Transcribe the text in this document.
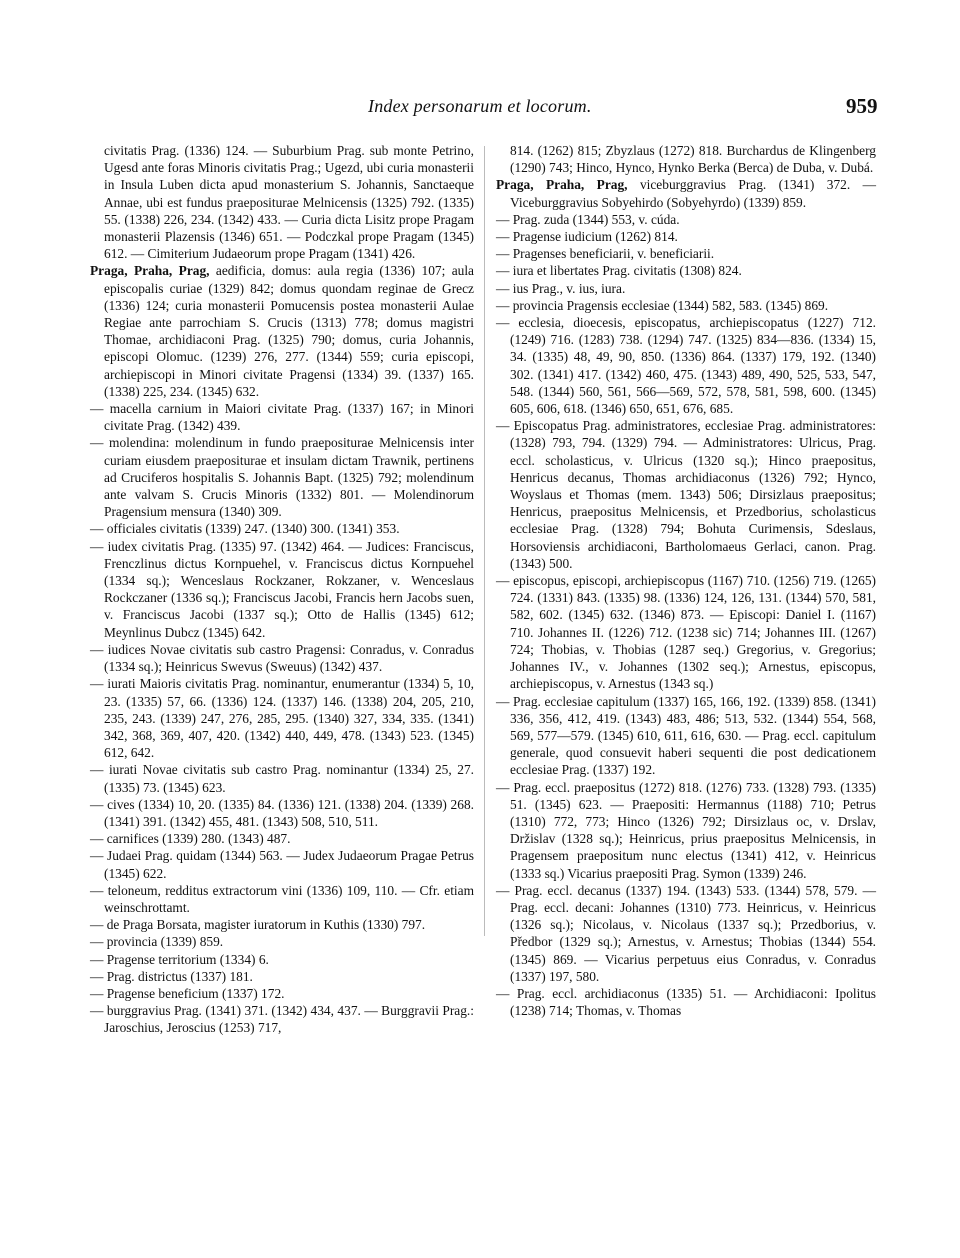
Index personarum et locorum.	959

civitatis Prag. (1336) 124. — Suburbium Prag. sub monte Petrino, Ugesd ante foras Minoris civitatis Prag.; Ugezd, ubi curia monasterii in Insula Luben dicta apud monasterium S. Johannis, Sanctaeque Annae, ubi est fundus praepositurae Melnicensis (1325) 792. (1335) 55. (1338) 226, 234. (1342) 433. — Curia dicta Lisitz prope Pragam monasterii Plazensis (1346) 651. — Podczkal prope Pragam (1345) 612. — Cimiterium Judaeorum prope Pragam (1341) 426.

Praga, Praha, Prag, aedificia, domus: aula regia (1336) 107; aula episcopalis curiae (1329) 842; domus quondam reginae de Grecz (1336) 124; curia monasterii Pomucensis postea monasterii Aulae Regiae ante parrochiam S. Crucis (1313) 778; domus magistri Thomae, archidiaconi Prag. (1325) 790; domus, curia Johannis, episcopi Olomuc. (1239) 276, 277. (1344) 559; curia episcopi, archiepiscopi in Minori civitate Pragensi (1334) 39. (1337) 165. (1338) 225, 234. (1345) 632.

— macella carnium in Maiori civitate Prag. (1337) 167; in Minori civitate Prag. (1342) 439.

— molendina: molendinum in fundo praepositurae Melnicensis inter curiam eiusdem praepositurae et insulam dictam Trawnik, pertinens ad Cruciferos hospitalis S. Johannis Bapt. (1325) 792; molendinum ante valvam S. Crucis Minoris (1332) 801. — Molendinorum Pragensium mensura (1340) 309.

— officiales civitatis (1339) 247. (1340) 300. (1341) 353.

— iudex civitatis Prag. (1335) 97. (1342) 464. — Judices: Franciscus, Frenczlinus dictus Kornpuehel, v. Franciscus dictus Kornpuehel (1334 sq.); Wenceslaus Rockzaner, Rokzaner, v. Wenceslaus Rockczaner (1336 sq.); Franciscus Jacobi, Francis hern Jacobs suen, v. Franciscus Jacobi (1337 sq.); Otto de Hallis (1345) 612; Meynlinus Dubcz (1345) 642.

— iudices Novae civitatis sub castro Pragensi: Conradus, v. Conradus (1334 sq.); Heinricus Swevus (Sweuus) (1342) 437.

— iurati Maioris civitatis Prag. nominantur, enumerantur (1334) 5, 10, 23. (1335) 57, 66. (1336) 124. (1337) 146. (1338) 204, 205, 210, 235, 243. (1339) 247, 276, 285, 295. (1340) 327, 334, 335. (1341) 342, 368, 369, 407, 420. (1342) 440, 449, 478. (1343) 523. (1345) 612, 642.

— iurati Novae civitatis sub castro Prag. nominantur (1334) 25, 27. (1335) 73. (1345) 623.

— cives (1334) 10, 20. (1335) 84. (1336) 121. (1338) 204. (1339) 268. (1341) 391. (1342) 455, 481. (1343) 508, 510, 511.

— carnifices (1339) 280. (1343) 487.

— Judaei Prag. quidam (1344) 563. — Judex Judaeorum Pragae Petrus (1345) 622.

— teloneum, redditus extractorum vini (1336) 109, 110. — Cfr. etiam weinschrottamt.

— de Praga Borsata, magister iuratorum in Kuthis (1330) 797.

— provincia (1339) 859.

— Pragense territorium (1334) 6.

— Prag. districtus (1337) 181.

— Pragense beneficium (1337) 172.

— burggravius Prag. (1341) 371. (1342) 434, 437. — Burggravii Prag.: Jaroschius, Jeroscius (1253) 717,

814. (1262) 815; Zbyzlaus (1272) 818. Burchardus de Klingenberg (1290) 743; Hinco, Hynco, Hynko Berka (Berca) de Duba, v. Dubá.

Praga, Praha, Prag, viceburggravius Prag. (1341) 372. — Viceburggravius Sobyehirdo (Sobyehyrdo) (1339) 859.

— Prag. zuda (1344) 553, v. cúda.

— Pragense iudicium (1262) 814.

— Pragenses beneficiarii, v. beneficiarii.

— iura et libertates Prag. civitatis (1308) 824.

— ius Prag., v. ius, iura.

— provincia Pragensis ecclesiae (1344) 582, 583. (1345) 869.

— ecclesia, dioecesis, episcopatus, archiepiscopatus (1227) 712. (1249) 716. (1283) 738. (1294) 747. (1325) 834—836. (1334) 15, 34. (1335) 48, 49, 90, 850. (1336) 864. (1337) 179, 192. (1340) 302. (1341) 417. (1342) 460, 475. (1343) 489, 490, 525, 533, 547, 548. (1344) 560, 561, 566—569, 572, 578, 581, 598, 600. (1345) 605, 606, 618. (1346) 650, 651, 676, 685.

— Episcopatus Prag. administratores, ecclesiae Prag. administratores: (1328) 793, 794. (1329) 794. — Administratores: Ulricus, Prag. eccl. scholasticus, v. Ulricus (1320 sq.); Hinco praepositus, Henricus decanus, Thomas archidiaconus (1326) 792; Hynco, Woyslaus et Thomas (mem. 1343) 506; Dirsizlaus praepositus; Henricus, praepositus Melnicensis, et Przedborius, scholasticus ecclesiae Prag. (1328) 794; Bohuta Curimensis, Sdeslaus, Horsoviensis archidiaconi, Bartholomaeus Gerlaci, canon. Prag. (1343) 500.

— episcopus, episcopi, archiepiscopus (1167) 710. (1256) 719. (1265) 724. (1331) 843. (1335) 98. (1336) 124, 126, 131. (1344) 570, 581, 582, 602. (1345) 632. (1346) 873. — Episcopi: Daniel I. (1167) 710. Johannes II. (1226) 712. (1238 sic) 714; Johannes III. (1267) 724; Thobias, v. Thobias (1287 seq.) Gregorius, v. Gregorius; Johannes IV., v. Johannes (1302 seq.); Arnestus, episcopus, archiepiscopus, v. Arnestus (1343 sq.)

— Prag. ecclesiae capitulum (1337) 165, 166, 192. (1339) 858. (1341) 336, 356, 412, 419. (1343) 483, 486; 513, 532. (1344) 554, 568, 569, 577—579. (1345) 610, 611, 616, 630. — Prag. eccl. capitulum generale, quod consuevit haberi sequenti die post dedicationem ecclesiae Prag. (1337) 192.

— Prag. eccl. praepositus (1272) 818. (1276) 733. (1328) 793. (1335) 51. (1345) 623. — Praepositi: Hermannus (1188) 710; Petrus (1310) 772, 773; Hinco (1326) 792; Dirsizlaus oc, v. Drslav, Držislav (1328 sq.); Heinricus, prius praepositus Melnicensis, in Pragensem praepositum nunc electus (1341) 412, v. Heinricus (1333 sq.) Vicarius praepositi Prag. Symon (1339) 246.

— Prag. eccl. decanus (1337) 194. (1343) 533. (1344) 578, 579. — Prag. eccl. decani: Johannes (1310) 773. Heinricus, v. Heinricus (1326 sq.); Nicolaus, v. Nicolaus (1337 sq.); Przedborius, v. Předbor (1329 sq.); Arnestus, v. Arnestus; Thobias (1344) 554. (1345) 869. — Vicarius perpetuus eius Conradus, v. Conradus (1337) 197, 580.

— Prag. eccl. archidiaconus (1335) 51. — Archidiaconi: Ipolitus (1238) 714; Thomas, v. Thomas
